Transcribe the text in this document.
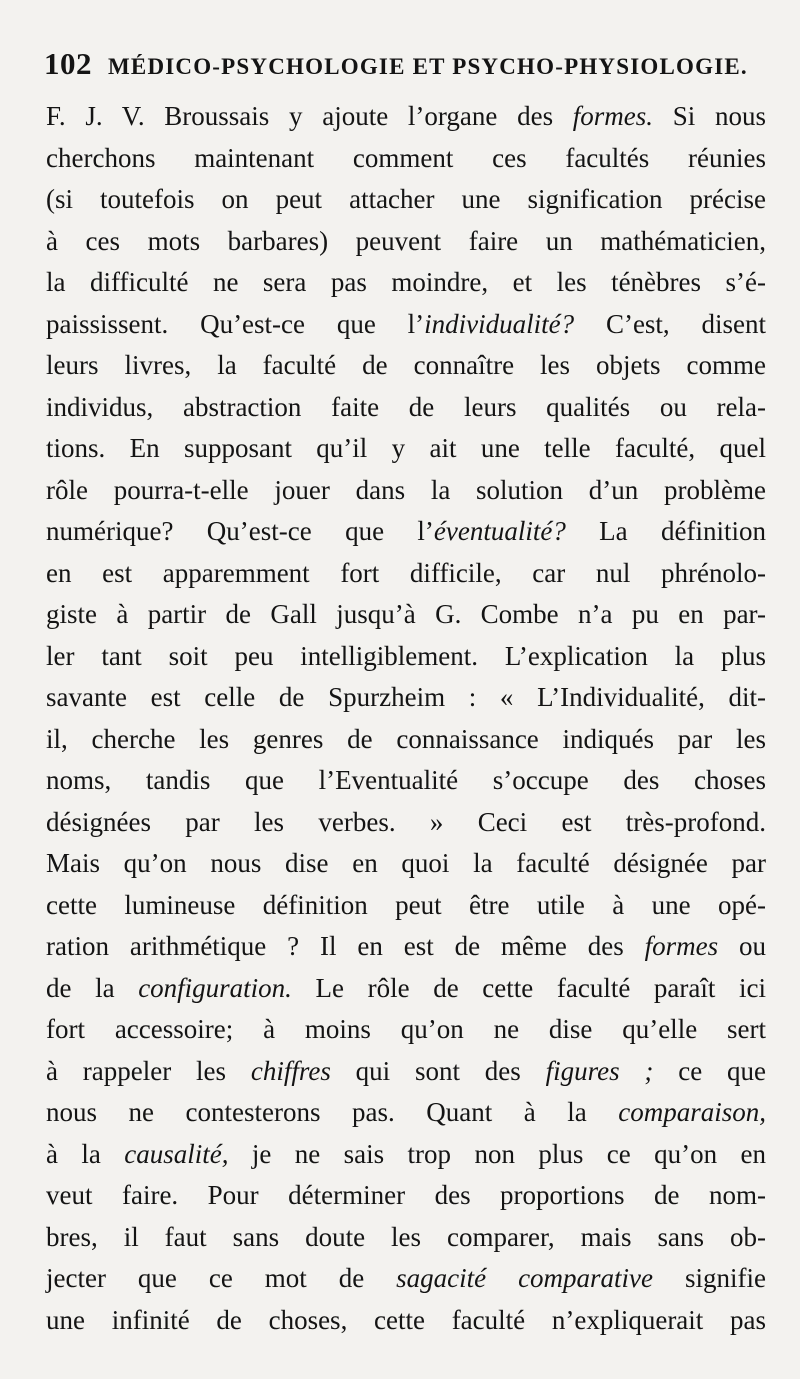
102 MÉDICO-PSYCHOLOGIE ET PSYCHO-PHYSIOLOGIE.
F. J. V. Broussais y ajoute l’organe des formes. Si nous
cherchons maintenant comment ces facultés réunies
(si toutefois on peut attacher une signification précise
à ces mots barbares) peuvent faire un mathématicien,
la difficulté ne sera pas moindre, et les ténèbres s’é-
paississent. Qu’est-ce que l’individualité? C’est, disent
leurs livres, la faculté de connaître les objets comme
individus, abstraction faite de leurs qualités ou rela-
tions. En supposant qu’il y ait une telle faculté, quel
rôle pourra-t-elle jouer dans la solution d’un problème
numérique? Qu’est-ce que l’éventualité? La définition
en est apparemment fort difficile, car nul phrénolo-
giste à partir de Gall jusqu’à G. Combe n’a pu en par-
ler tant soit peu intelligiblement. L’explication la plus
savante est celle de Spurzheim : « L’Individualité, dit-
il, cherche les genres de connaissance indiqués par les
noms, tandis que l’Eventualité s’occupe des choses
désignées par les verbes. » Ceci est très-profond.
Mais qu’on nous dise en quoi la faculté désignée par
cette lumineuse définition peut être utile à une opé-
ration arithmétique ? Il en est de même des formes ou
de la configuration. Le rôle de cette faculté paraît ici
fort accessoire; à moins qu’on ne dise qu’elle sert
à rappeler les chiffres qui sont des figures ; ce que
nous ne contesterons pas. Quant à la comparaison,
à la causalité, je ne sais trop non plus ce qu’on en
veut faire. Pour déterminer des proportions de nom-
bres, il faut sans doute les comparer, mais sans ob-
jecter que ce mot de sagacité comparative signifie
une infinité de choses, cette faculté n’expliquerait pas
